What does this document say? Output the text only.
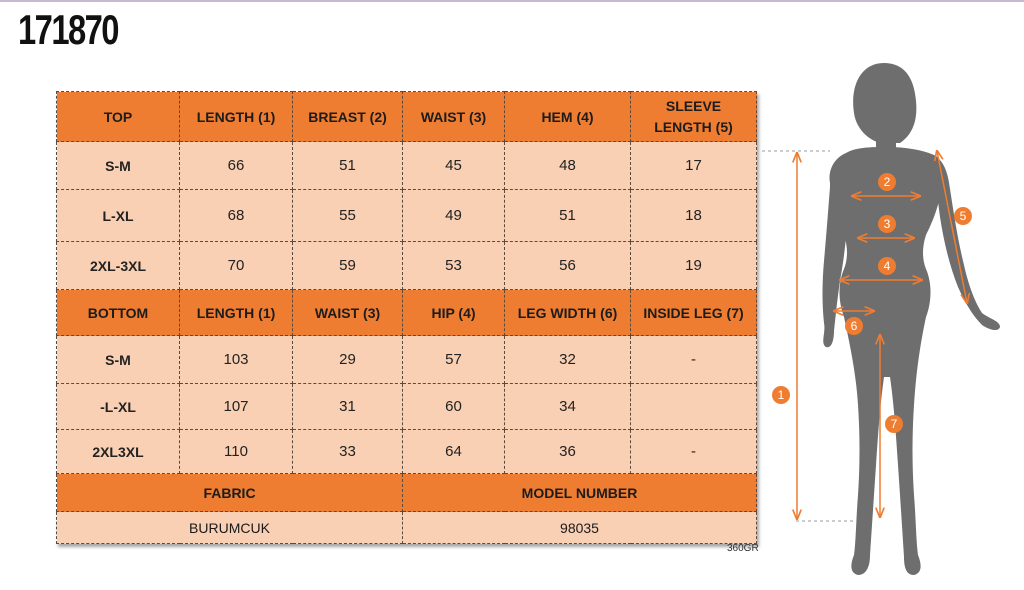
171870
TOP	LENGTH (1)	BREAST (2)	WAIST (3)	HEM (4)	SLEEVE LENGTH (5)
S-M	66	51	45	48	17
L-XL	68	55	49	51	18
2XL-3XL	70	59	53	56	19
BOTTOM	LENGTH (1)	WAIST (3)	HIP (4)	LEG WIDTH (6)	INSIDE LEG (7)
S-M	103	29	57	32	-
-L-XL	107	31	60	34	
2XL3XL	110	33	64	36	-
FABRIC			MODEL NUMBER		
BURUMCUK			98035		
360GR
1
2
3
4
5
6
7
